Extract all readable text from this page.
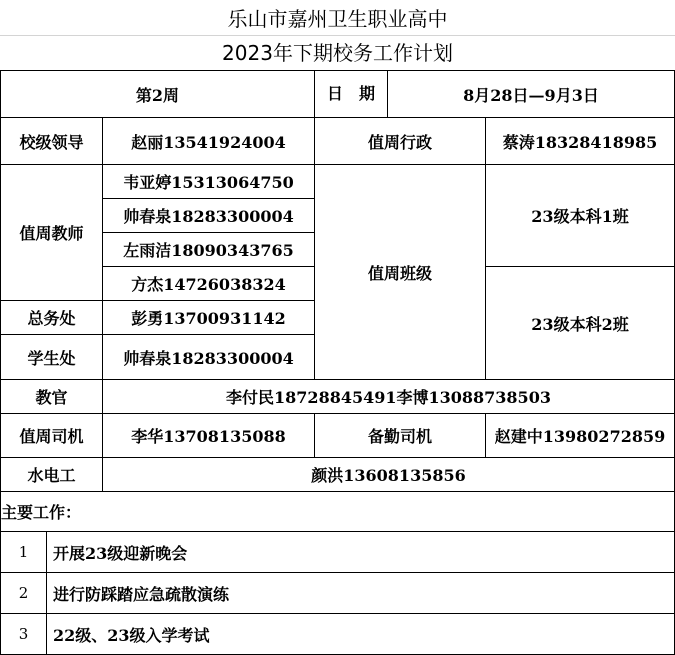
乐山市嘉州卫生职业高中
2023年下期校务工作计划
第2周		日　期 8月28日—9月3日	

校级领导	赵丽13541924004	值周行政	蔡涛18328418985
值周教师	韦亚婷15313064750	值周班级	23级本科1班
	帅春泉18283300004		
	左雨洁18090343765		
	方杰14726038324		23级本科2班
总务处	彭勇13700931142		
学生处	帅春泉18283300004		
教官	李付民18728845491李博13088738503		
值周司机	李华13708135088	备勤司机	赵建中13980272859
水电工	颜洪13608135856		
主要工作：			

1 开展23级迎新晚会			

2 进行防踩踏应急疏散演练			

3 22级、23级入学考试			
